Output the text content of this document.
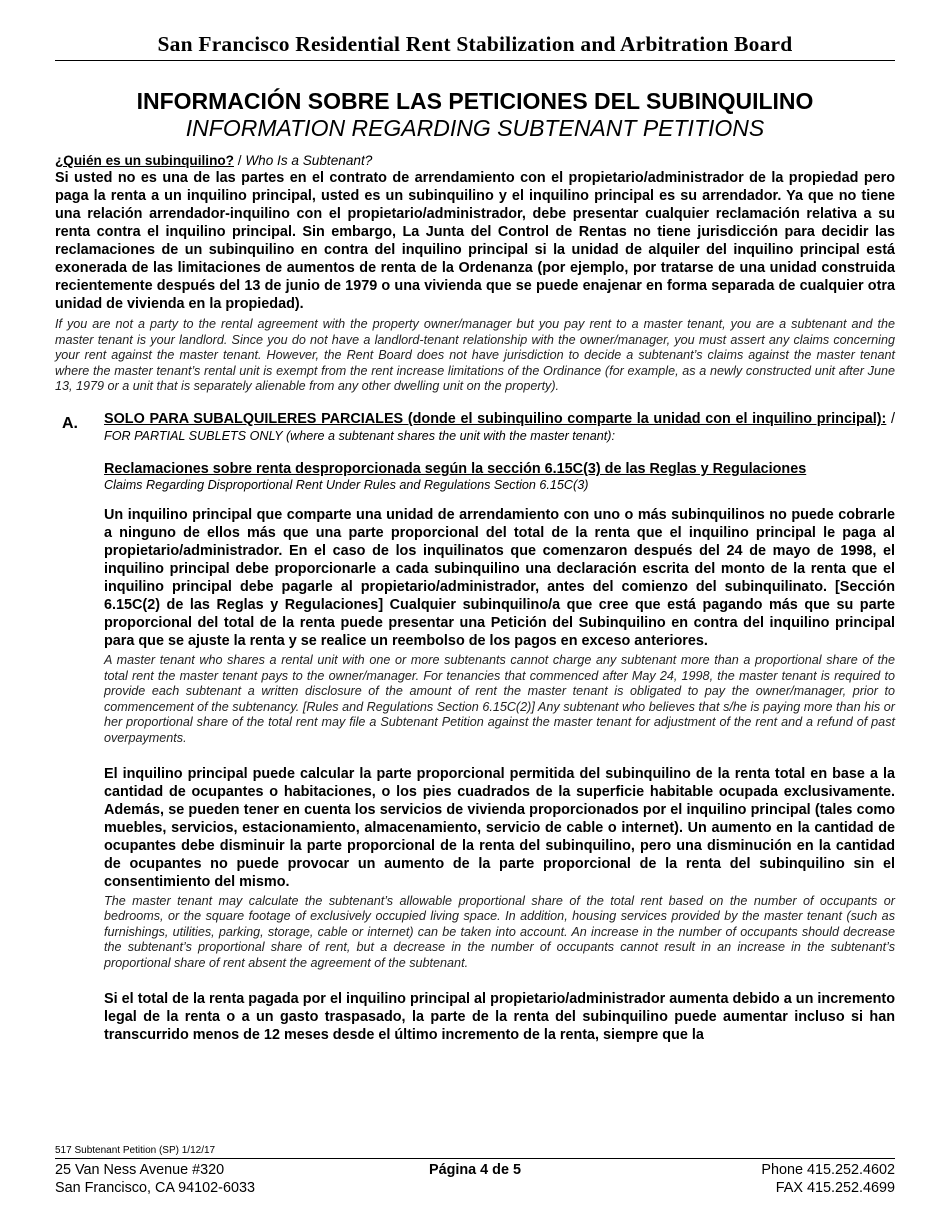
San Francisco Residential Rent Stabilization and Arbitration Board
INFORMACIÓN SOBRE LAS PETICIONES DEL SUBINQUILINO
INFORMATION REGARDING SUBTENANT PETITIONS
¿Quién es un subinquilino? / Who Is a Subtenant?

Si usted no es una de las partes en el contrato de arrendamiento con el propietario/administrador de la propiedad pero paga la renta a un inquilino principal, usted es un subinquilino y el inquilino principal es su arrendador. Ya que no tiene una relación arrendador-inquilino con el propietario/administrador, debe presentar cualquier reclamación relativa a su renta contra el inquilino principal. Sin embargo, La Junta del Control de Rentas no tiene jurisdicción para decidir las reclamaciones de un subinquilino en contra del inquilino principal si la unidad de alquiler del inquilino principal está exonerada de las limitaciones de aumentos de renta de la Ordenanza (por ejemplo, por tratarse de una unidad construida recientemente después del 13 de junio de 1979 o una vivienda que se puede enajenar en forma separada de cualquier otra unidad de vivienda en la propiedad).

If you are not a party to the rental agreement with the property owner/manager but you pay rent to a master tenant, you are a subtenant and the master tenant is your landlord. Since you do not have a landlord-tenant relationship with the owner/manager, you must assert any claims concerning your rent against the master tenant. However, the Rent Board does not have jurisdiction to decide a subtenant’s claims against the master tenant where the master tenant’s rental unit is exempt from the rent increase limitations of the Ordinance (for example, as a newly constructed unit after June 13, 1979 or a unit that is separately alienable from any other dwelling unit on the property).

A. SOLO PARA SUBALQUILERES PARCIALES (donde el subinquilino comparte la unidad con el inquilino principal): / FOR PARTIAL SUBLETS ONLY (where a subtenant shares the unit with the master tenant):
Reclamaciones sobre renta desproporcionada según la sección 6.15C(3) de las Reglas y Regulaciones
Claims Regarding Disproportional Rent Under Rules and Regulations Section 6.15C(3)

Un inquilino principal que comparte una unidad de arrendamiento con uno o más subinquilinos no puede cobrarle a ninguno de ellos más que una parte proporcional del total de la renta que el inquilino principal le paga al propietario/administrador. En el caso de los inquilinatos que comenzaron después del 24 de mayo de 1998, el inquilino principal debe proporcionarle a cada subinquilino una declaración escrita del monto de la renta que el inquilino principal debe pagarle al propietario/administrador, antes del comienzo del subinquilinato. [Sección 6.15C(2) de las Reglas y Regulaciones] Cualquier subinquilino/a que cree que está pagando más que su parte proporcional del total de la renta puede presentar una Petición del Subinquilino en contra del inquilino principal para que se ajuste la renta y se realice un reembolso de los pagos en exceso anteriores.

A master tenant who shares a rental unit with one or more subtenants cannot charge any subtenant more than a proportional share of the total rent the master tenant pays to the owner/manager. For tenancies that commenced after May 24, 1998, the master tenant is required to provide each subtenant a written disclosure of the amount of rent the master tenant is obligated to pay the owner/manager, prior to commencement of the subtenancy. [Rules and Regulations Section 6.15C(2)] Any subtenant who believes that s/he is paying more than his or her proportional share of the total rent may file a Subtenant Petition against the master tenant for adjustment of the rent and a refund of past overpayments.

El inquilino principal puede calcular la parte proporcional permitida del subinquilino de la renta total en base a la cantidad de ocupantes o habitaciones, o los pies cuadrados de la superficie habitable ocupada exclusivamente. Además, se pueden tener en cuenta los servicios de vivienda proporcionados por el inquilino principal (tales como muebles, servicios, estacionamiento, almacenamiento, servicio de cable o internet). Un aumento en la cantidad de ocupantes debe disminuir la parte proporcional de la renta del subinquilino, pero una disminución en la cantidad de ocupantes no puede provocar un aumento de la parte proporcional de la renta del subinquilino sin el consentimiento del mismo.

The master tenant may calculate the subtenant’s allowable proportional share of the total rent based on the number of occupants or bedrooms, or the square footage of exclusively occupied living space. In addition, housing services provided by the master tenant (such as furnishings, utilities, parking, storage, cable or internet) can be taken into account. An increase in the number of occupants should decrease the subtenant’s proportional share of rent, but a decrease in the number of occupants cannot result in an increase in the subtenant’s proportional share of rent absent the agreement of the subtenant.

Si el total de la renta pagada por el inquilino principal al propietario/administrador aumenta debido a un incremento legal de la renta o a un gasto traspasado, la parte de la renta del subinquilino puede aumentar incluso si han transcurrido menos de 12 meses desde el último incremento de la renta, siempre que la

517 Subtenant Petition (SP) 1/12/17
25 Van Ness Avenue #320
San Francisco, CA 94102-6033
Página 4 de 5	Phone 415.252.4602
FAX 415.252.4699
